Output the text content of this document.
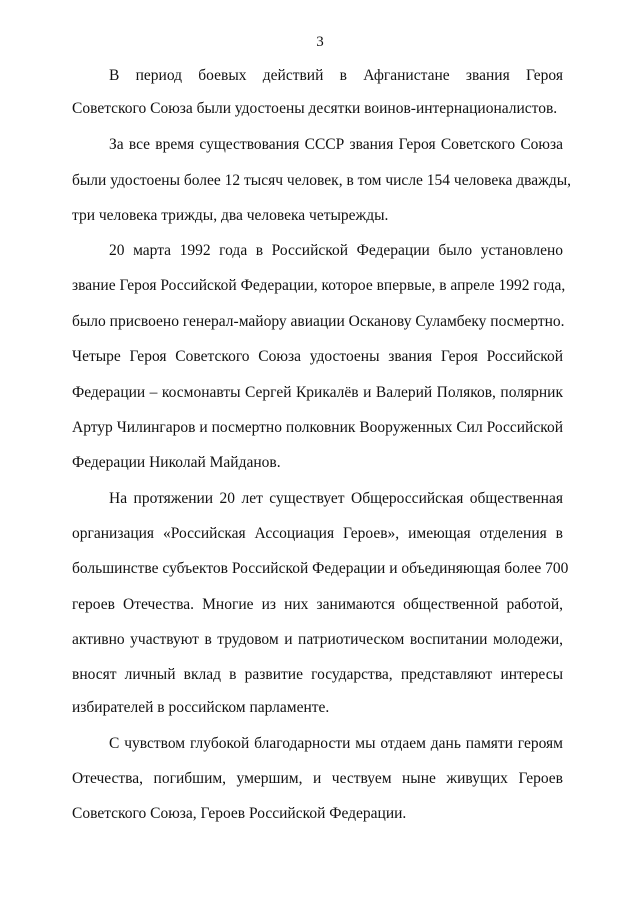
3
В период боевых действий в Афганистане звания Героя
Советского Союза были удостоены десятки воинов-интернационалистов.
За все время существования СССР звания Героя Советского Союза
были удостоены более 12 тысяч человек, в том числе 154 человека дважды,
три человека трижды, два человека четырежды.
20 марта 1992 года в Российской Федерации было установлено
звание Героя Российской Федерации, которое впервые, в апреле 1992 года,
было присвоено генерал-майору авиации Осканову Суламбеку посмертно.
Четыре Героя Советского Союза удостоены звания Героя Российской
Федерации – космонавты Сергей Крикалёв и Валерий Поляков, полярник
Артур Чилингаров и посмертно полковник Вооруженных Сил Российской
Федерации Николай Майданов.
На протяжении 20 лет существует Общероссийская общественная
организация «Российская Ассоциация Героев», имеющая отделения в
большинстве субъектов Российской Федерации и объединяющая более 700
героев Отечества. Многие из них занимаются общественной работой,
активно участвуют в трудовом и патриотическом воспитании молодежи,
вносят личный вклад в развитие государства, представляют интересы
избирателей в российском парламенте.
С чувством глубокой благодарности мы отдаем дань памяти героям
Отечества, погибшим, умершим, и чествуем ныне живущих Героев
Советского Союза, Героев Российской Федерации.
